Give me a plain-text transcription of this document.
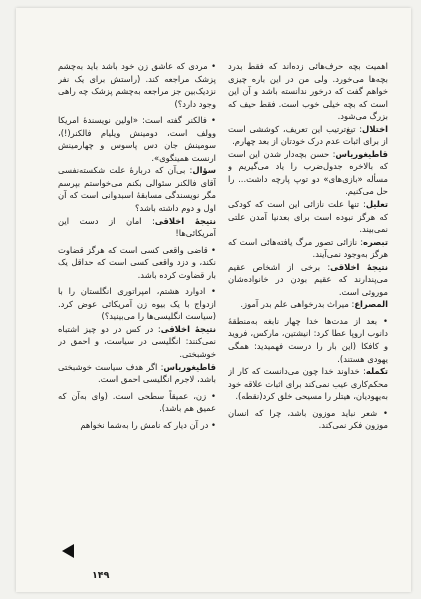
اهمیت بچه حرف‌هائی زده‌اند که فقط بدرد بچه‌ها می‌خورد. ولی من در این باره چیزی خواهم گفت که درخور ندانسته باشد و آن این است که بچه خیلی خوب است. فقط حیف که بزرگ می‌شود.

اختلال: تیغ‌ترتیب این تعریف، کوششی است از برای اثبات عدم درک خودتان از بعد چهارم.

قاطیغوریاس: حسن بچه‌دار شدن این است که بالاخره جدول‌ضرب را یاد می‌گیریم و مسأله «بازی‌های» دو توپ پارچه داشت... را حل می‌کنیم.

تعلیل: تنها علت نازائی این است که کودکی که هرگز نبوده است برای بعدنیا آمدن علتی نمی‌بیند.

تبصره: نازائی تصور مرگ یافته‌هائی است که هرگز به‌وجود نمی‌آیند.

نتیجهٔ اخلاقی: برخی از اشخاص عقیم می‌پندارند که عقیم بودن در خانواده‌شان موروثی است.

المصراع: میراث بدرخواهی علم بدر آموز.

• بعد از مدت‌ها خدا چهار نابغه به‌منطقهٔ دانوب اروپا عطا کرد: انیشتین، مارکس، فروید و کافکا (این بار را درست فهمیدید: همگی یهودی هستند).

تکمله: خداوند خدا چون می‌دانست که کار از محکم‌کاری عیب نمی‌کند برای اثبات علاقه خود به‌یهودیان، هیتلر را مسیحی خلق کرد(نقطه).

• شعر نباید موزون باشد، چرا که انسان موزون فکر نمی‌کند.

• مردی که عاشق زن خود باشد باید به‌چشم پزشک مراجعه کند. (راستش برای یک نفر نزدیک‌بین جز مراجعه به‌چشم پزشک چه راهی وجود دارد؟)

• فالکنر گفته است: «اولین نویسندهٔ امریکا وولف است، دومینش ویلیام فالکنر(!)، سومینش جان دس پاسوس و چهارمینش ارنست همینگوی».

سؤال: بی‌آن که دربارهٔ علت شکسته‌نفسی آقای فالکنر سئوالی بکنم می‌خواستم بپرسم مگر نویسندگی مسابقهٔ اسبدوانی است که آن اول و دوم داشته باشد؟

نتیجهٔ اخلاقی: امان از دست این آمریکائی‌ها!

• قاضی واقعی کسی است که هرگز قضاوت نکند، و دزد واقعی کسی است که حداقل یک بار قضاوت کرده باشد.

• ادوارد هشتم، امپراتوری انگلستان را با ازدواج با یک بیوه زن آمریکائی عوض کرد. (سیاست انگلیسی‌ها را می‌بینید؟)

نتیجهٔ اخلاقی: در کس در دو چیز اشتباه نمی‌کنند: انگلیسی در سیاست، و احمق در خوشبختی.

قاطیغوریاس: اگر هدف سیاست خوشبختی باشد، لاجرم انگلیسی احمق است.

• زن، عمیقاً سطحی است. (وای به‌آن که عمیق هم باشد).

• در آن دیار که نامش را به‌شما نخواهم

۱۴۹
